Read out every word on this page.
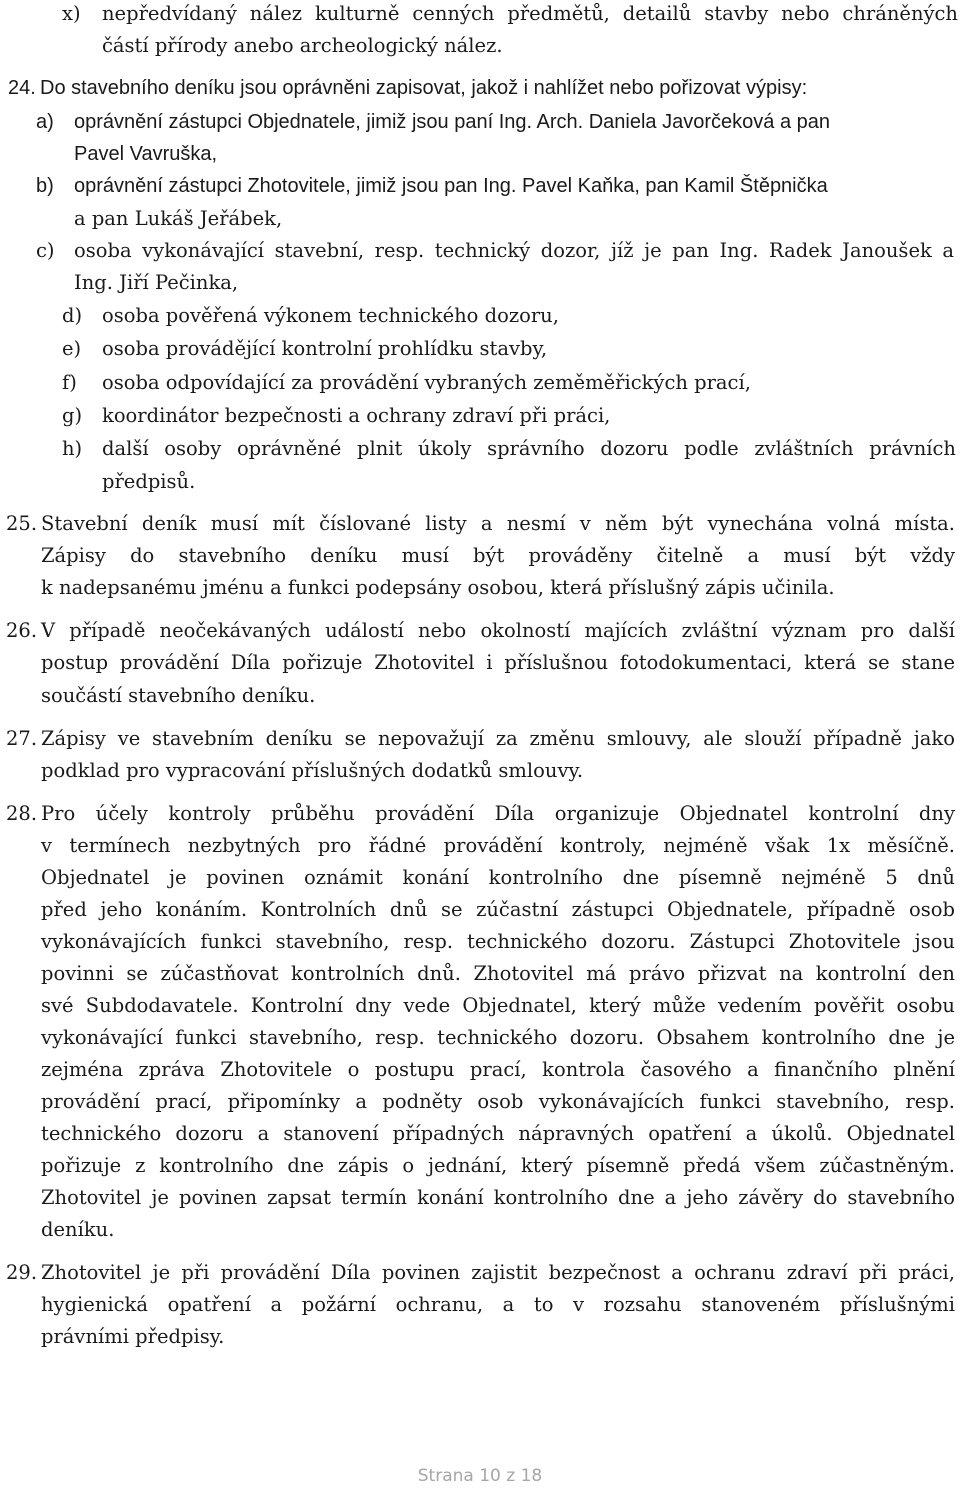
x) nepředvídaný nález kulturně cenných předmětů, detailů stavby nebo chráněných
částí přírody anebo archeologický nález.
24. Do stavebního deníku jsou oprávněni zapisovat, jakož i nahlížet nebo pořizovat výpisy:
a) oprávnění zástupci Objednatele, jimiž jsou paní Ing. Arch. Daniela Javorčeková a pan
Pavel Vavruška,
b) oprávnění zástupci Zhotovitele, jimiž jsou pan Ing. Pavel Kaňka, pan Kamil Štěpnička
a pan Lukáš Jeřábek,
c) osoba vykonávající stavební, resp. technický dozor, jíž je pan Ing. Radek Janoušek a
Ing. Jiří Pečinka,
d) osoba pověřená výkonem technického dozoru,
e) osoba provádějící kontrolní prohlídku stavby,
f) osoba odpovídající za provádění vybraných zeměměřických prací,
g) koordinátor bezpečnosti a ochrany zdraví při práci,
h) další osoby oprávněné plnit úkoly správního dozoru podle zvláštních právních
předpisů.
25. Stavební deník musí mít číslované listy a nesmí v něm být vynechána volná místa.
Zápisy do stavebního deníku musí být prováděny čitelně a musí být vždy
k nadepsanému jménu a funkci podepsány osobou, která příslušný zápis učinila.
26. V případě neočekávaných událostí nebo okolností majících zvláštní význam pro další
postup provádění Díla pořizuje Zhotovitel i příslušnou fotodokumentaci, která se stane
součástí stavebního deníku.
27. Zápisy ve stavebním deníku se nepovažují za změnu smlouvy, ale slouží případně jako
podklad pro vypracování příslušných dodatků smlouvy.
28. Pro účely kontroly průběhu provádění Díla organizuje Objednatel kontrolní dny
v termínech nezbytných pro řádné provádění kontroly, nejméně však 1x měsíčně.
Objednatel je povinen oznámit konání kontrolního dne písemně nejméně 5 dnů
před jeho konáním. Kontrolních dnů se zúčastní zástupci Objednatele, případně osob
vykonávajících funkci stavebního, resp. technického dozoru. Zástupci Zhotovitele jsou
povinni se zúčastňovat kontrolních dnů. Zhotovitel má právo přizvat na kontrolní den
své Subdodavatele. Kontrolní dny vede Objednatel, který může vedením pověřit osobu
vykonávající funkci stavebního, resp. technického dozoru. Obsahem kontrolního dne je
zejména zpráva Zhotovitele o postupu prací, kontrola časového a finančního plnění
provádění prací, připomínky a podněty osob vykonávajících funkci stavebního, resp.
technického dozoru a stanovení případných nápravných opatření a úkolů. Objednatel
pořizuje z kontrolního dne zápis o jednání, který písemně předá všem zúčastněným.
Zhotovitel je povinen zapsat termín konání kontrolního dne a jeho závěry do stavebního
deníku.
29. Zhotovitel je při provádění Díla povinen zajistit bezpečnost a ochranu zdraví při práci,
hygienická opatření a požární ochranu, a to v rozsahu stanoveném příslušnými
právními předpisy.
Strana 10 z 18
